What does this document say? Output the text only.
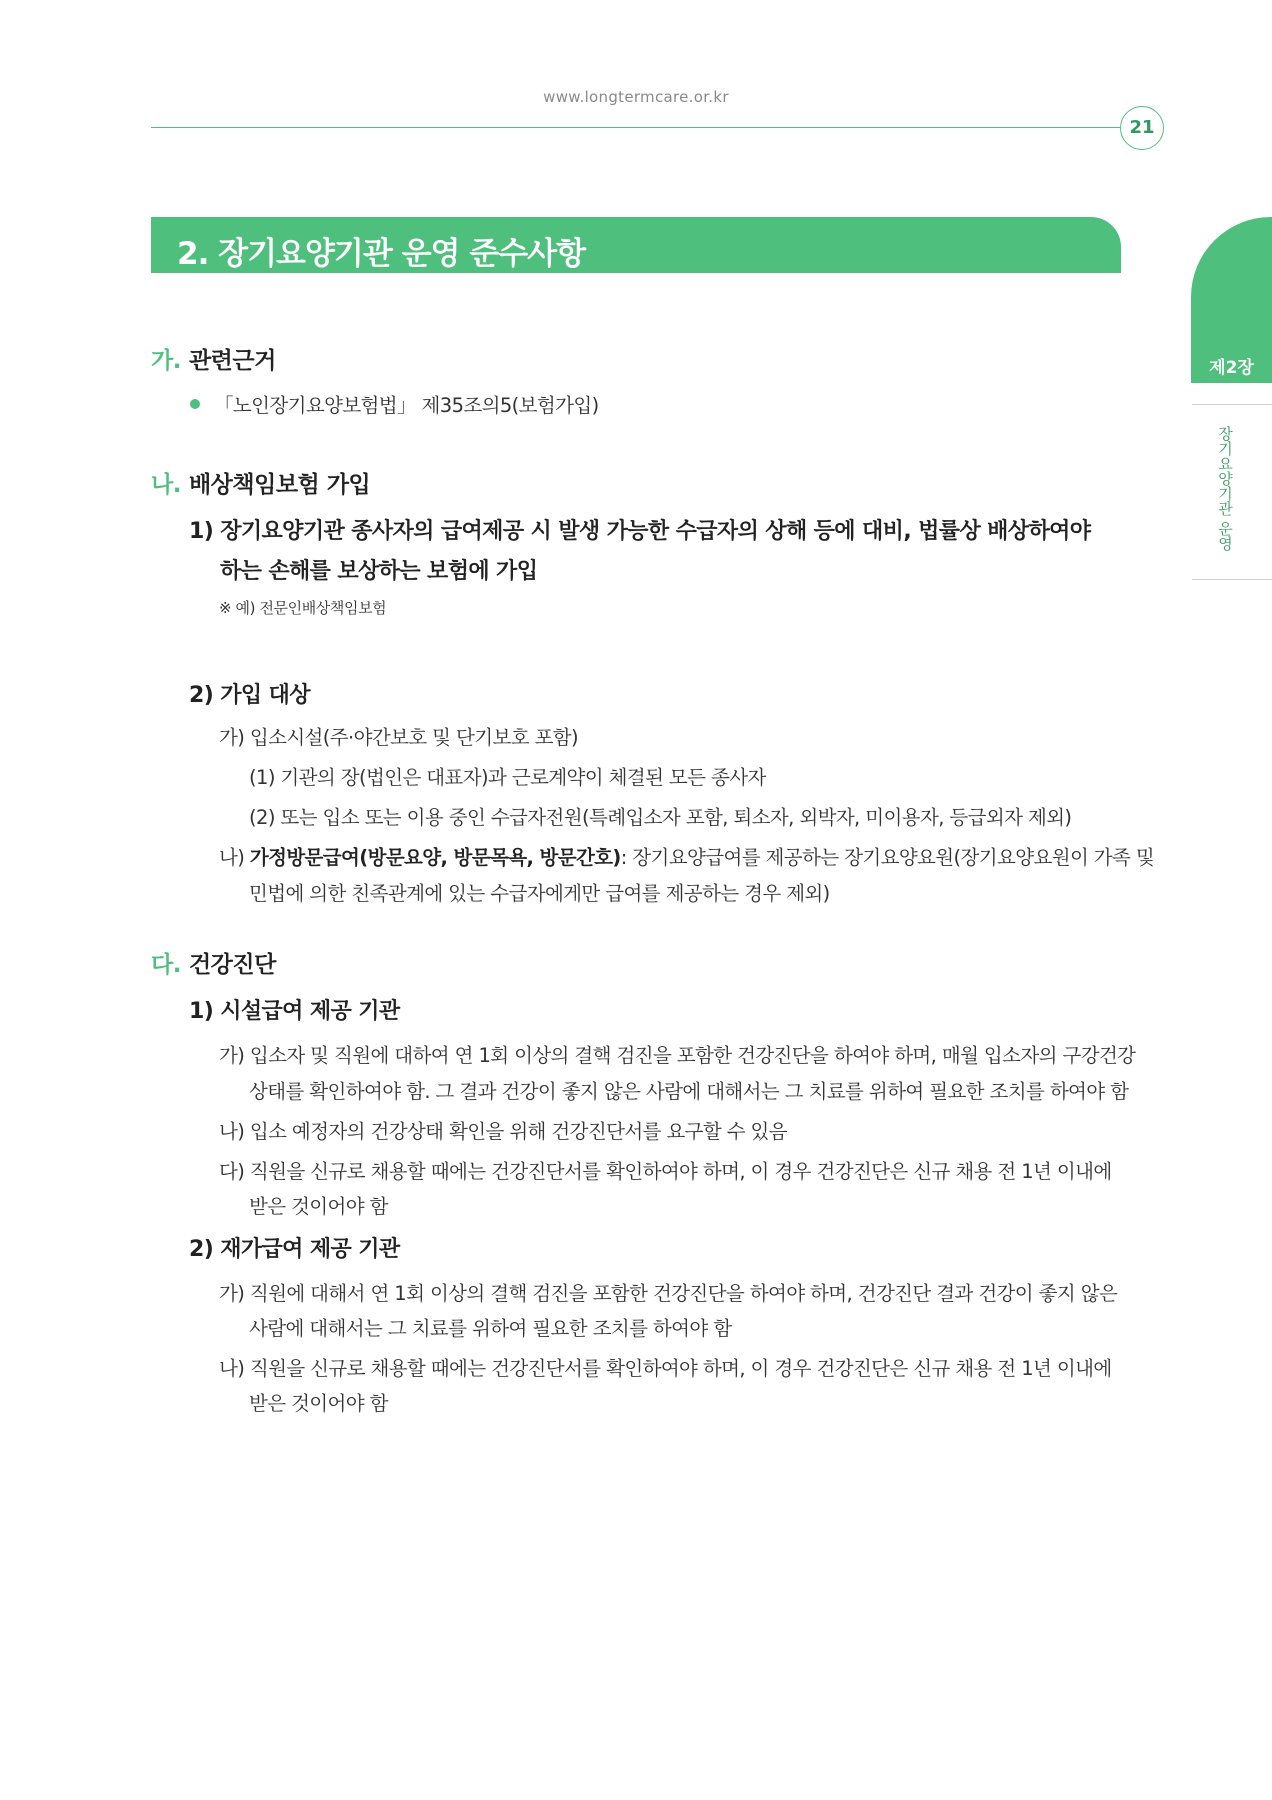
www.longtermcare.or.kr
21
제2장
장기요양기관 운영
2. 장기요양기관 운영 준수사항
가. 관련근거
「노인장기요양보험법」 제35조의5(보험가입)
나. 배상책임보험 가입
1) 장기요양기관 종사자의 급여제공 시 발생 가능한 수급자의 상해 등에 대비, 법률상 배상하여야
하는 손해를 보상하는 보험에 가입
※ 예) 전문인배상책임보험
2) 가입 대상
가) 입소시설(주·야간보호 및 단기보호 포함)
(1) 기관의 장(법인은 대표자)과 근로계약이 체결된 모든 종사자
(2) 또는 입소 또는 이용 중인 수급자전원(특례입소자 포함, 퇴소자, 외박자, 미이용자, 등급외자 제외)
나) 가정방문급여(방문요양, 방문목욕, 방문간호): 장기요양급여를 제공하는 장기요양요원(장기요양요원이 가족 및
민법에 의한 친족관계에 있는 수급자에게만 급여를 제공하는 경우 제외)
다. 건강진단
1) 시설급여 제공 기관
가) 입소자 및 직원에 대하여 연 1회 이상의 결핵 검진을 포함한 건강진단을 하여야 하며, 매월 입소자의 구강건강
상태를 확인하여야 함. 그 결과 건강이 좋지 않은 사람에 대해서는 그 치료를 위하여 필요한 조치를 하여야 함
나) 입소 예정자의 건강상태 확인을 위해 건강진단서를 요구할 수 있음
다) 직원을 신규로 채용할 때에는 건강진단서를 확인하여야 하며, 이 경우 건강진단은 신규 채용 전 1년 이내에
받은 것이어야 함
2) 재가급여 제공 기관
가) 직원에 대해서 연 1회 이상의 결핵 검진을 포함한 건강진단을 하여야 하며, 건강진단 결과 건강이 좋지 않은
사람에 대해서는 그 치료를 위하여 필요한 조치를 하여야 함
나) 직원을 신규로 채용할 때에는 건강진단서를 확인하여야 하며, 이 경우 건강진단은 신규 채용 전 1년 이내에
받은 것이어야 함
